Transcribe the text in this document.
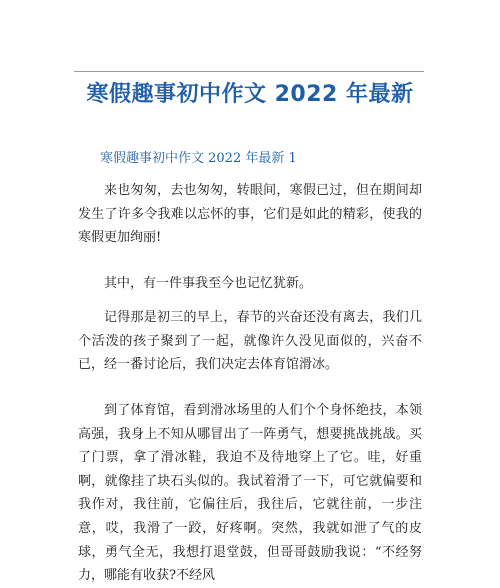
寒假趣事初中作文 2022 年最新
寒假趣事初中作文 2022 年最新 1

来也匆匆，去也匆匆，转眼间，寒假已过，但在期间却发生了许多令我难以忘怀的事，它们是如此的精彩，使我的寒假更加绚丽!

其中，有一件事我至今也记忆犹新。

记得那是初三的早上，春节的兴奋还没有离去，我们几个活泼的孩子聚到了一起，就像许久没见面似的，兴奋不已，经一番讨论后，我们决定去体育馆滑冰。

到了体育馆，看到滑冰场里的人们个个身怀绝技，本领高强，我身上不知从哪冒出了一阵勇气，想要挑战挑战。买了门票，拿了滑冰鞋，我迫不及待地穿上了它。哇，好重啊，就像挂了块石头似的。我试着滑了一下，可它就偏要和我作对，我往前，它偏往后，我往后，它就往前，一步注意，哎，我滑了一跤，好疼啊。突然，我就如泄了气的皮球，勇气全无，我想打退堂鼓，但哥哥鼓励我说：“不经努力，哪能有收获?不经风
